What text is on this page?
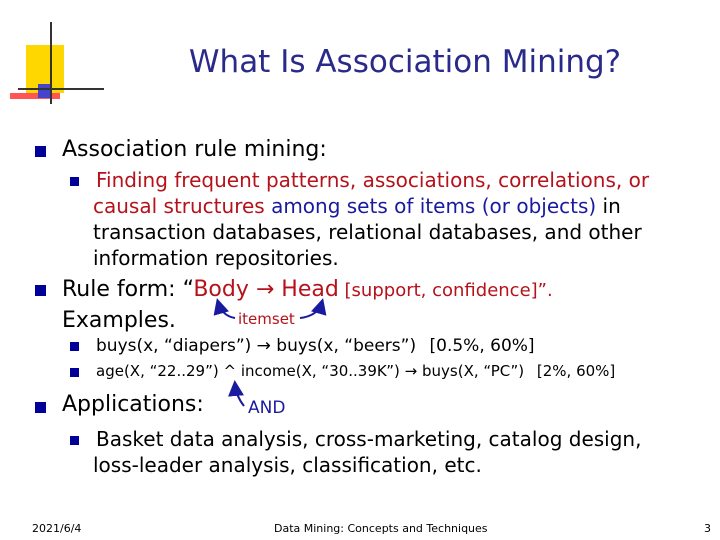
What Is Association Mining?
Association rule mining:
Finding frequent patterns, associations, correlations, or
causal structures among sets of items (or objects) in
transaction databases, relational databases, and other
information repositories.
Rule form: “Body → Head [support, confidence]”.
Examples.	itemset
buys(x, “diapers”) → buys(x, “beers”) [0.5%, 60%]
age(X, “22..29”) ^ income(X, “30..39K”) → buys(X, “PC”) [2%, 60%]
Applications:	AND
Basket data analysis, cross-marketing, catalog design,
loss-leader analysis, classification, etc.
2021/6/4	Data Mining: Concepts and Techniques	3
